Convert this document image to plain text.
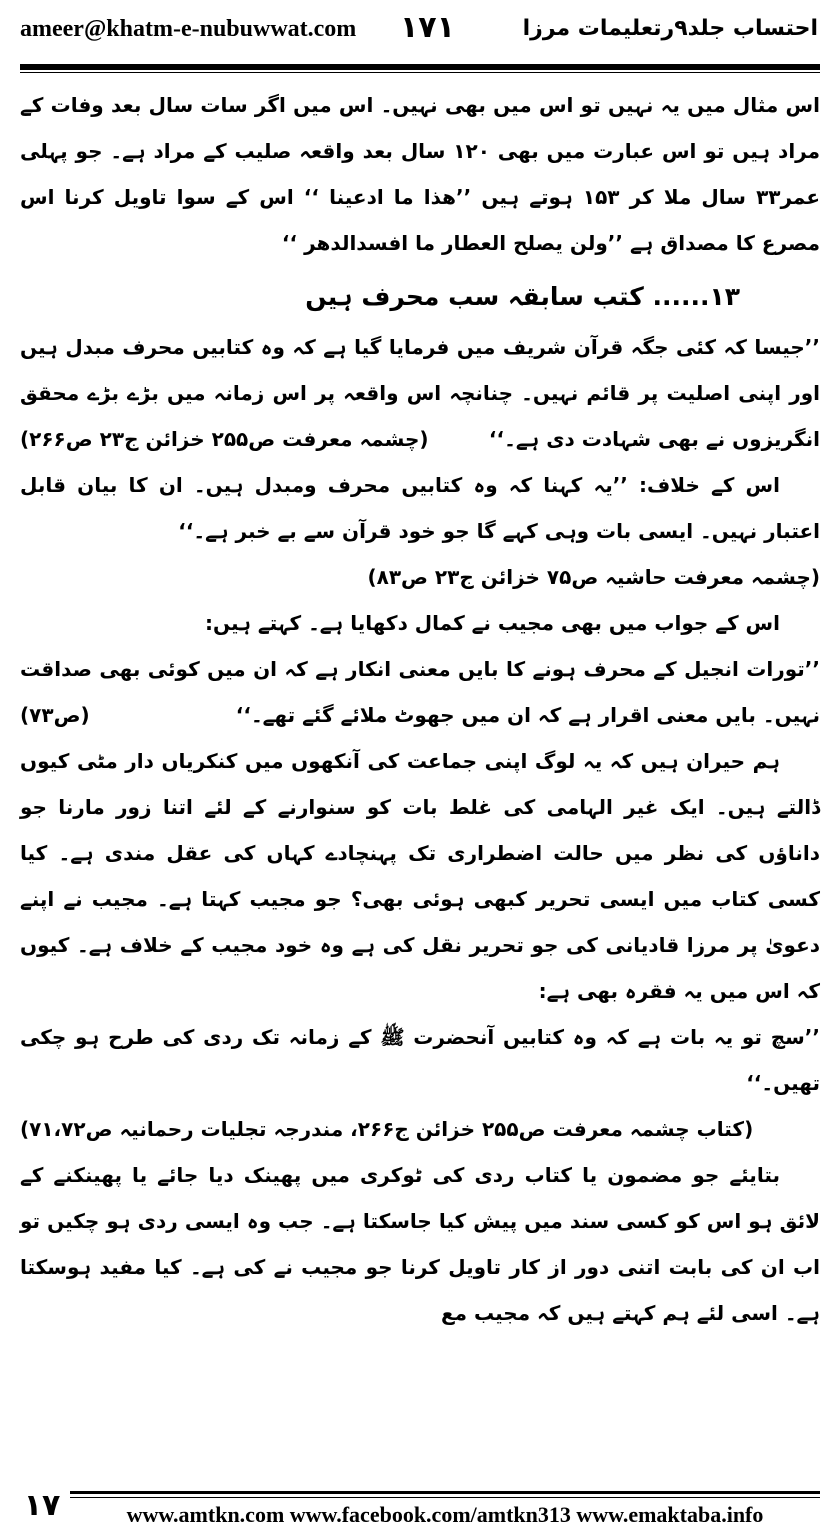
ameer@khatm-e-nubuwwat.com ۱۷۱	احتساب جلد۹رتعلیمات مرزا

اس مثال میں یہ نہیں تو اس میں بھی نہیں۔ اس میں اگر سات سال بعد وفات کے مراد ہیں تو اس عبارت میں بھی ۱۲۰ سال بعد واقعہ صلیب کے مراد ہے۔ جو پہلی عمر۳۳ سال ملا کر ۱۵۳ ہوتے ہیں ’’ھذا ما ادعینا ‘‘ اس کے سوا تاویل کرنا اس مصرع کا مصداق ہے ’’ولن یصلح العطار ما افسدالدھر ‘‘

۱۳...... کتب سابقہ سب محرف ہیں

’’جیسا کہ کئی جگہ قرآن شریف میں فرمایا گیا ہے کہ وہ کتابیں محرف مبدل ہیں اور اپنی اصلیت پر قائم نہیں۔ چنانچہ اس واقعہ پر اس زمانہ میں بڑے بڑے محقق انگریزوں نے بھی شہادت دی ہے۔‘‘
(چشمہ معرفت ص۲۵۵ خزائن ج۲۳ ص۲۶۶)

اس کے خلاف: ’’یہ کہنا کہ وہ کتابیں محرف ومبدل ہیں۔ ان کا بیان قابل اعتبار نہیں۔ ایسی بات وہی کہے گا جو خود قرآن سے بے خبر ہے۔‘‘

(چشمہ معرفت حاشیہ ص۷۵ خزائن ج۲۳ ص۸۳)

اس کے جواب میں بھی مجیب نے کمال دکھایا ہے۔ کہتے ہیں:

’’تورات انجیل کے محرف ہونے کا بایں معنی انکار ہے کہ ان میں کوئی بھی صداقت نہیں۔ بایں معنی اقرار ہے کہ ان میں جھوٹ ملائے گئے تھے۔‘‘
(ص۷۳)

ہم حیران ہیں کہ یہ لوگ اپنی جماعت کی آنکھوں میں کنکریاں دار مٹی کیوں ڈالتے ہیں۔ ایک غیر الہامی کی غلط بات کو سنوارنے کے لئے اتنا زور مارنا جو داناؤں کی نظر میں حالت اضطراری تک پہنچادے کہاں کی عقل مندی ہے۔ کیا کسی کتاب میں ایسی تحریر کبھی ہوئی بھی؟ جو مجیب کہتا ہے۔ مجیب نے اپنے دعویٰ پر مرزا قادیانی کی جو تحریر نقل کی ہے وہ خود مجیب کے خلاف ہے۔ کیوں کہ اس میں یہ فقرہ بھی ہے:

’’سچ تو یہ بات ہے کہ وہ کتابیں آنحضرت ﷺ کے زمانہ تک ردی کی طرح ہو چکی تھیں۔‘‘
(کتاب چشمہ معرفت ص۲۵۵ خزائن ج۲۶۶، مندرجہ تجلیات رحمانیہ ص۷۱،۷۲)

بتایئے جو مضمون یا کتاب ردی کی ٹوکری میں پھینک دیا جائے یا پھینکنے کے لائق ہو اس کو کسی سند میں پیش کیا جاسکتا ہے۔ جب وہ ایسی ردی ہو چکیں تو اب ان کی بابت اتنی دور از کار تاویل کرنا جو مجیب نے کی ہے۔ کیا مفید ہوسکتا ہے۔ اسی لئے ہم کہتے ہیں کہ مجیب مع

۱۷	www.amtkn.com www.facebook.com/amtkn313 www.emaktaba.info
